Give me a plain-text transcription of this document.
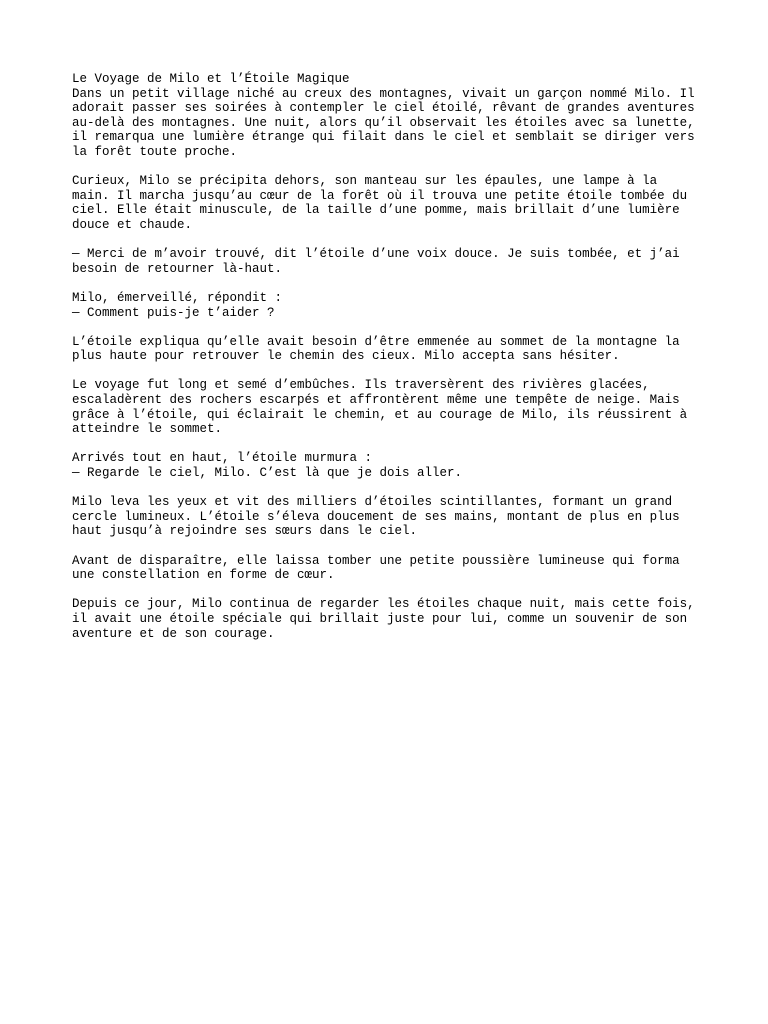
Le Voyage de Milo et l’Étoile Magique
Dans un petit village niché au creux des montagnes, vivait un garçon nommé Milo. Il
adorait passer ses soirées à contempler le ciel étoilé, rêvant de grandes aventures
au-delà des montagnes. Une nuit, alors qu’il observait les étoiles avec sa lunette,
il remarqua une lumière étrange qui filait dans le ciel et semblait se diriger vers
la forêt toute proche.
Curieux, Milo se précipita dehors, son manteau sur les épaules, une lampe à la
main. Il marcha jusqu’au cœur de la forêt où il trouva une petite étoile tombée du
ciel. Elle était minuscule, de la taille d’une pomme, mais brillait d’une lumière
douce et chaude.
— Merci de m’avoir trouvé, dit l’étoile d’une voix douce. Je suis tombée, et j’ai
besoin de retourner là-haut.
Milo, émerveillé, répondit :
— Comment puis-je t’aider ?
L’étoile expliqua qu’elle avait besoin d’être emmenée au sommet de la montagne la
plus haute pour retrouver le chemin des cieux. Milo accepta sans hésiter.
Le voyage fut long et semé d’embûches. Ils traversèrent des rivières glacées,
escaladèrent des rochers escarpés et affrontèrent même une tempête de neige. Mais
grâce à l’étoile, qui éclairait le chemin, et au courage de Milo, ils réussirent à
atteindre le sommet.
Arrivés tout en haut, l’étoile murmura :
— Regarde le ciel, Milo. C’est là que je dois aller.
Milo leva les yeux et vit des milliers d’étoiles scintillantes, formant un grand
cercle lumineux. L’étoile s’éleva doucement de ses mains, montant de plus en plus
haut jusqu’à rejoindre ses sœurs dans le ciel.
Avant de disparaître, elle laissa tomber une petite poussière lumineuse qui forma
une constellation en forme de cœur.
Depuis ce jour, Milo continua de regarder les étoiles chaque nuit, mais cette fois,
il avait une étoile spéciale qui brillait juste pour lui, comme un souvenir de son
aventure et de son courage.
